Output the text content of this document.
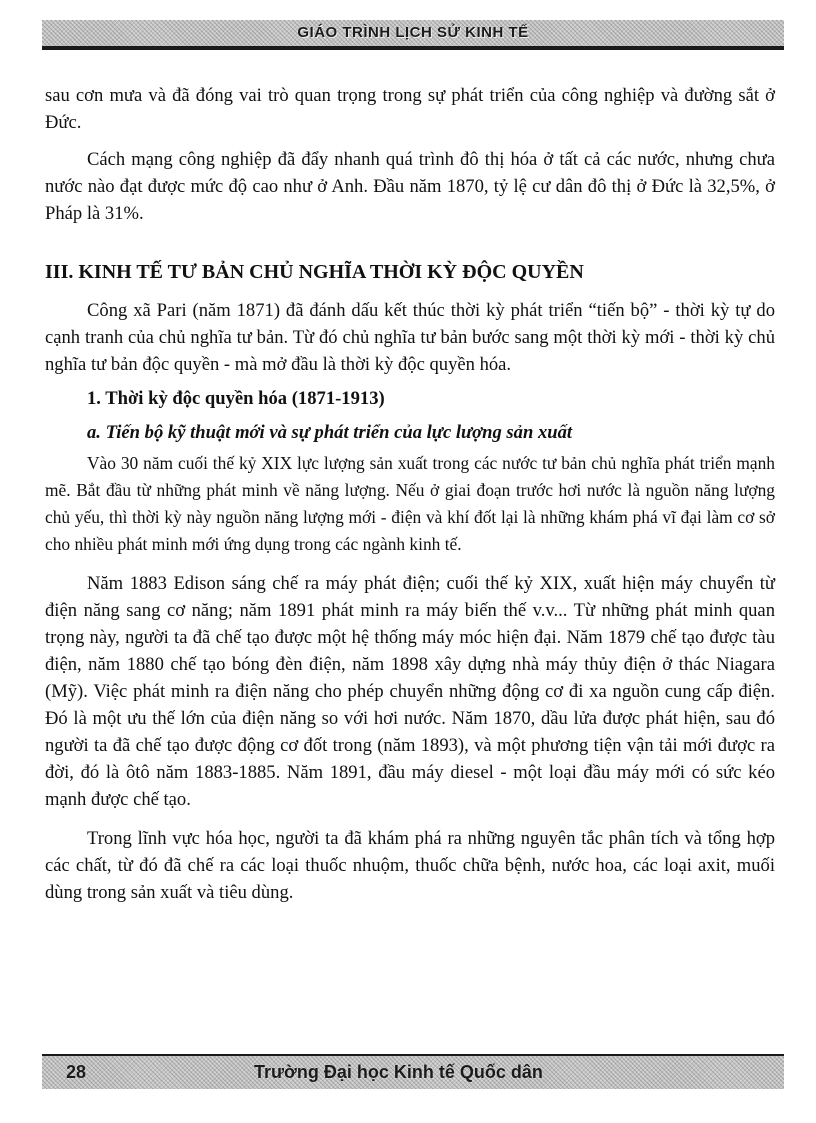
GIÁO TRÌNH LỊCH SỬ KINH TẾ

sau cơn mưa và đã đóng vai trò quan trọng trong sự phát triển của công nghiệp và đường sắt ở Đức.

Cách mạng công nghiệp đã đẩy nhanh quá trình đô thị hóa ở tất cả các nước, nhưng chưa nước nào đạt được mức độ cao như ở Anh. Đầu năm 1870, tỷ lệ cư dân đô thị ở Đức là 32,5%, ở Pháp là 31%.

III. KINH TẾ TƯ BẢN CHỦ NGHĨA THỜI KỲ ĐỘC QUYỀN

Công xã Pari (năm 1871) đã đánh dấu kết thúc thời kỳ phát triển “tiến bộ” - thời kỳ tự do cạnh tranh của chủ nghĩa tư bản. Từ đó chủ nghĩa tư bản bước sang một thời kỳ mới - thời kỳ chủ nghĩa tư bản độc quyền - mà mở đầu là thời kỳ độc quyền hóa.

1. Thời kỳ độc quyền hóa (1871-1913)
a. Tiến bộ kỹ thuật mới và sự phát triển của lực lượng sản xuất

Vào 30 năm cuối thế kỷ XIX lực lượng sản xuất trong các nước tư bản chủ nghĩa phát triển mạnh mẽ. Bắt đầu từ những phát minh về năng lượng. Nếu ở giai đoạn trước hơi nước là nguồn năng lượng chủ yếu, thì thời kỳ này nguồn năng lượng mới - điện và khí đốt lại là những khám phá vĩ đại làm cơ sở cho nhiều phát minh mới ứng dụng trong các ngành kinh tế.

Năm 1883 Edison sáng chế ra máy phát điện; cuối thế kỷ XIX, xuất hiện máy chuyển từ điện năng sang cơ năng; năm 1891 phát minh ra máy biến thế v.v... Từ những phát minh quan trọng này, người ta đã chế tạo được một hệ thống máy móc hiện đại. Năm 1879 chế tạo được tàu điện, năm 1880 chế tạo bóng đèn điện, năm 1898 xây dựng nhà máy thủy điện ở thác Niagara (Mỹ). Việc phát minh ra điện năng cho phép chuyển những động cơ đi xa nguồn cung cấp điện. Đó là một ưu thế lớn của điện năng so với hơi nước. Năm 1870, dầu lửa được phát hiện, sau đó người ta đã chế tạo được động cơ đốt trong (năm 1893), và một phương tiện vận tải mới được ra đời, đó là ôtô năm 1883-1885. Năm 1891, đầu máy diesel - một loại đầu máy mới có sức kéo mạnh được chế tạo.

Trong lĩnh vực hóa học, người ta đã khám phá ra những nguyên tắc phân tích và tổng hợp các chất, từ đó đã chế ra các loại thuốc nhuộm, thuốc chữa bệnh, nước hoa, các loại axit, muối dùng trong sản xuất và tiêu dùng.

28	Trường Đại học Kinh tế Quốc dân
